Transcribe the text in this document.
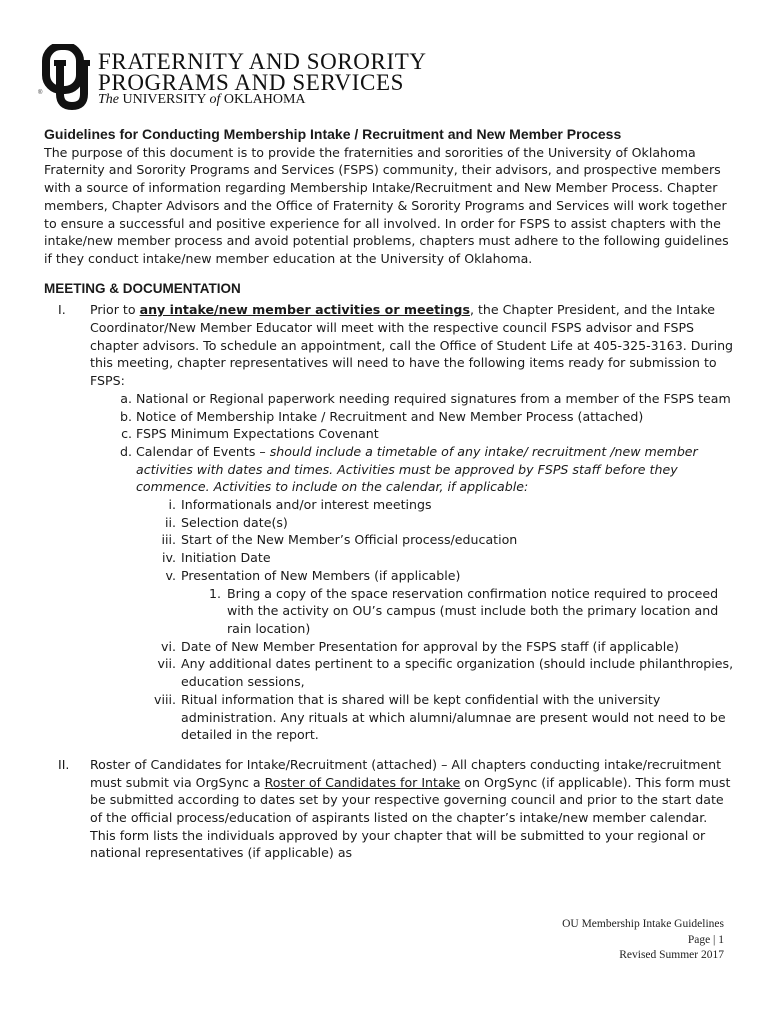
®
FRATERNITY AND SORORITY
PROGRAMS AND SERVICES
The UNIVERSITY of OKLAHOMA

Guidelines for Conducting Membership Intake / Recruitment and New Member Process

The purpose of this document is to provide the fraternities and sororities of the University of Oklahoma Fraternity and Sorority Programs and Services (FSPS) community, their advisors, and prospective members with a source of information regarding Membership Intake/Recruitment and New Member Process. Chapter members, Chapter Advisors and the Office of Fraternity & Sorority Programs and Services will work together to ensure a successful and positive experience for all involved. In order for FSPS to assist chapters with the intake/new member process and avoid potential problems, chapters must adhere to the following guidelines if they conduct intake/new member education at the University of Oklahoma.

MEETING & DOCUMENTATION
I. Prior to any intake/new member activities or meetings, the Chapter President, and the Intake Coordinator/New Member Educator will meet with the respective council FSPS advisor and FSPS chapter advisors. To schedule an appointment, call the Office of Student Life at 405-325-3163. During this meeting, chapter representatives will need to have the following items ready for submission to FSPS:
a. National or Regional paperwork needing required signatures from a member of the FSPS team
b. Notice of Membership Intake / Recruitment and New Member Process (attached)
c. FSPS Minimum Expectations Covenant
d. Calendar of Events – should include a timetable of any intake/ recruitment /new member activities with dates and times. Activities must be approved by FSPS staff before they commence. Activities to include on the calendar, if applicable:
i. Informationals and/or interest meetings
ii. Selection date(s)
iii. Start of the New Member’s Official process/education
iv. Initiation Date
v. Presentation of New Members (if applicable)
1. Bring a copy of the space reservation confirmation notice required to proceed with the activity on OU’s campus (must include both the primary location and rain location)
vi. Date of New Member Presentation for approval by the FSPS staff (if applicable)
vii. Any additional dates pertinent to a specific organization (should include philanthropies, education sessions,
viii. Ritual information that is shared will be kept confidential with the university administration. Any rituals at which alumni/alumnae are present would not need to be detailed in the report.
II. Roster of Candidates for Intake/Recruitment (attached) – All chapters conducting intake/recruitment must submit via OrgSync a Roster of Candidates for Intake on OrgSync (if applicable). This form must be submitted according to dates set by your respective governing council and prior to the start date of the official process/education of aspirants listed on the chapter’s intake/new member calendar. This form lists the individuals approved by your chapter that will be submitted to your regional or national representatives (if applicable) as
OU Membership Intake Guidelines
Page | 1
Revised Summer 2017
